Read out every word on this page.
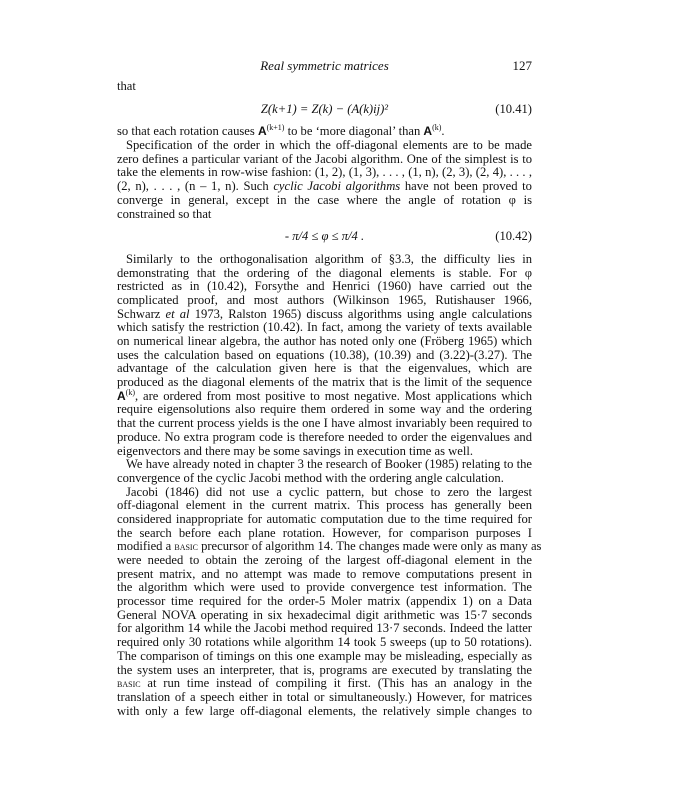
Real symmetric matrices	127
that
Z(k+1) = Z(k) − (A(k)ij)²	(10.41)
so that each rotation causes $A^{(k+1)}$ to be ‘more diagonal’ than $A^{(k)}$.
Specification of the order in which the off-diagonal elements are to be made
zero defines a particular variant of the Jacobi algorithm. One of the simplest is to
take the elements in row-wise fashion: (1, 2), (1, 3), . . . , (1, n), (2, 3), (2, 4), . . . ,
(2, n), . . . , (n – 1, n). Such cyclic Jacobi algorithms have not been proved to
converge in general, except in the case where the angle of rotation φ is
constrained so that
- π/4 ≤ φ ≤ π/4 .	(10.42)
Similarly to the orthogonalisation algorithm of §3.3, the difficulty lies in
demonstrating that the ordering of the diagonal elements is stable. For φ
restricted as in (10.42), Forsythe and Henrici (1960) have carried out the
complicated proof, and most authors (Wilkinson 1965, Rutishauser 1966,
Schwarz et al 1973, Ralston 1965) discuss algorithms using angle calculations
which satisfy the restriction (10.42). In fact, among the variety of texts available
on numerical linear algebra, the author has noted only one (Fröberg 1965) which
uses the calculation based on equations (10.38), (10.39) and (3.22)-(3.27). The
advantage of the calculation given here is that the eigenvalues, which are
produced as the diagonal elements of the matrix that is the limit of the sequence
$A^{(k)}$, are ordered from most positive to most negative. Most applications which
require eigensolutions also require them ordered in some way and the ordering
that the current process yields is the one I have almost invariably been required to
produce. No extra program code is therefore needed to order the eigenvalues and
eigenvectors and there may be some savings in execution time as well.
We have already noted in chapter 3 the research of Booker (1985) relating to the
convergence of the cyclic Jacobi method with the ordering angle calculation.
Jacobi (1846) did not use a cyclic pattern, but chose to zero the largest
off-diagonal element in the current matrix. This process has generally been
considered inappropriate for automatic computation due to the time required for
the search before each plane rotation. However, for comparison purposes I
modified a basic precursor of algorithm 14. The changes made were only as many as
were needed to obtain the zeroing of the largest off-diagonal element in the
present matrix, and no attempt was made to remove computations present in
the algorithm which were used to provide convergence test information. The
processor time required for the order-5 Moler matrix (appendix 1) on a Data
General NOVA operating in six hexadecimal digit arithmetic was 15·7 seconds
for algorithm 14 while the Jacobi method required 13·7 seconds. Indeed the latter
required only 30 rotations while algorithm 14 took 5 sweeps (up to 50 rotations).
The comparison of timings on this one example may be misleading, especially as
the system uses an interpreter, that is, programs are executed by translating the
basic at run time instead of compiling it first. (This has an analogy in the
translation of a speech either in total or simultaneously.) However, for matrices
with only a few large off-diagonal elements, the relatively simple changes to
